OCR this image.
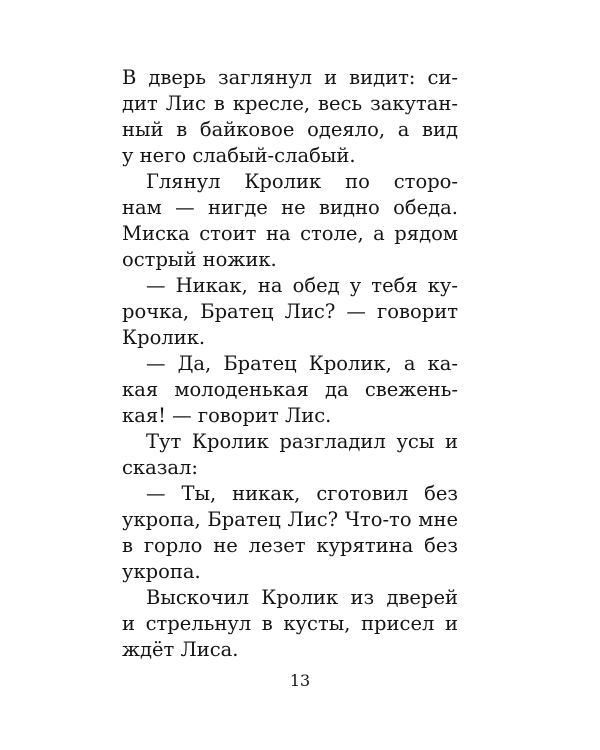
В дверь заглянул и видит: си-
дит Лис в кресле, весь закутан-
ный в байковое одеяло, а вид
у него слабый-слабый.
Глянул Кролик по сторо-
нам — нигде не видно обеда.
Миска стоит на столе, а рядом
острый ножик.
— Никак, на обед у тебя ку-
рочка, Братец Лис? — говорит
Кролик.
— Да, Братец Кролик, а ка-
кая молоденькая да свежень-
кая! — говорит Лис.
Тут Кролик разгладил усы и
сказал:
— Ты, никак, сготовил без
укропа, Братец Лис? Что-то мне
в горло не лезет курятина без
укропа.
Выскочил Кролик из дверей
и стрельнул в кусты, присел и
ждёт Лиса.
13
